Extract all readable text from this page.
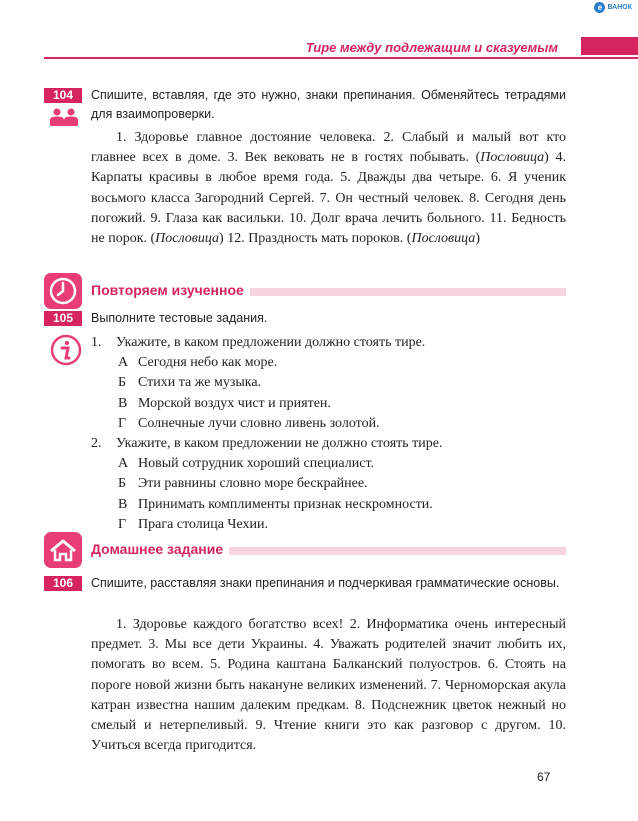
e ВАНОК
Тире между подлежащим и сказуемым
104	Спишите, вставляя, где это нужно, знаки препинания. Обменяйтесь тетрадями для взаимопроверки.

1. Здоровье главное достояние человека. 2. Слабый и малый вот кто главнее всех в доме. 3. Век вековать не в гостях побывать. (Пословица) 4. Карпаты красивы в любое время года. 5. Дважды два четыре. 6. Я ученик восьмого класса Загородний Сергей. 7. Он честный человек. 8. Сегодня день погожий. 9. Глаза как васильки. 10. Долг врача лечить больного. 11. Бедность не порок. (Пословица) 12. Праздность мать пороков. (Пословица)

Повторяем изученное
105	Выполните тестовые задания.
1.	Укажите, в каком предложении должно стоять тире.
А Сегодня небо как море.
Б Стихи та же музыка.
В Морской воздух чист и приятен.
Г Солнечные лучи словно ливень золотой.
2.	Укажите, в каком предложении не должно стоять тире.
А Новый сотрудник хороший специалист.
Б Эти равнины словно море бескрайнее.
В Принимать комплименты признак нескромности.
Г Прага столица Чехии.
Домашнее задание
106	Спишите, расставляя знаки препинания и подчеркивая грамматические основы.

1. Здоровье каждого богатство всех! 2. Информатика очень интересный предмет. 3. Мы все дети Украины. 4. Уважать родителей значит любить их, помогать во всем. 5. Родина каштана Балканский полуостров. 6. Стоять на пороге новой жизни быть накануне великих изменений. 7. Черноморская акула катран известна нашим далеким предкам. 8. Подснежник цветок нежный но смелый и нетерпеливый. 9. Чтение книги это как разговор с другом. 10. Учиться всегда пригодится.

67
